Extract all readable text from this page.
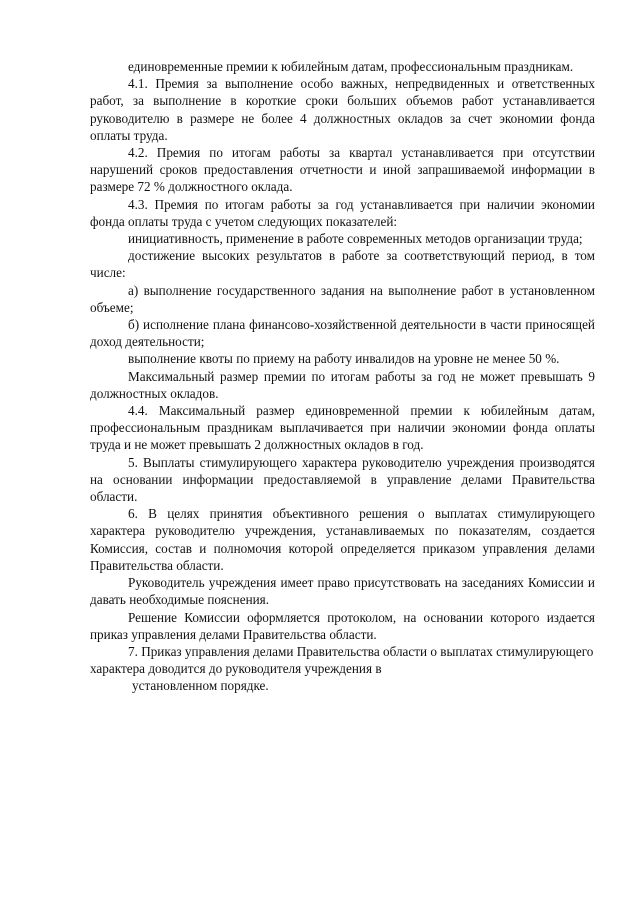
единовременные премии к юбилейным датам, профессиональным праздникам.

4.1. Премия за выполнение особо важных, непредвиденных и ответственных работ, за выполнение в короткие сроки больших объемов работ устанавливается руководителю в размере не более 4 должностных окладов за счет экономии фонда оплаты труда.

4.2. Премия по итогам работы за квартал устанавливается при отсутствии нарушений сроков предоставления отчетности и иной запрашиваемой информации в размере 72 % должностного оклада.

4.3. Премия по итогам работы за год устанавливается при наличии экономии фонда оплаты труда с учетом следующих показателей:

инициативность, применение в работе современных методов организации труда;

достижение высоких результатов в работе за соответствующий период, в том числе:

а) выполнение государственного задания на выполнение работ в установленном объеме;

б) исполнение плана финансово-хозяйственной деятельности в части приносящей доход деятельности;

выполнение квоты по приему на работу инвалидов на уровне не менее 50 %.

Максимальный размер премии по итогам работы за год не может превышать 9 должностных окладов.

4.4. Максимальный размер единовременной премии к юбилейным датам, профессиональным праздникам выплачивается при наличии экономии фонда оплаты труда и не может превышать 2 должностных окладов в год.

5. Выплаты стимулирующего характера руководителю учреждения производятся на основании информации предоставляемой в управление делами Правительства области.

6. В целях принятия объективного решения о выплатах стимулирующего характера руководителю учреждения, устанавливаемых по показателям, создается Комиссия, состав и полномочия которой определяется приказом управления делами Правительства области.

Руководитель учреждения имеет право присутствовать на заседаниях Комиссии и давать необходимые пояснения.

Решение Комиссии оформляется протоколом, на основании которого издается приказ управления делами Правительства области.

7. Приказ управления делами Правительства области о выплатах стимулирующего характера доводится до руководителя учреждения в
установленном порядке.
